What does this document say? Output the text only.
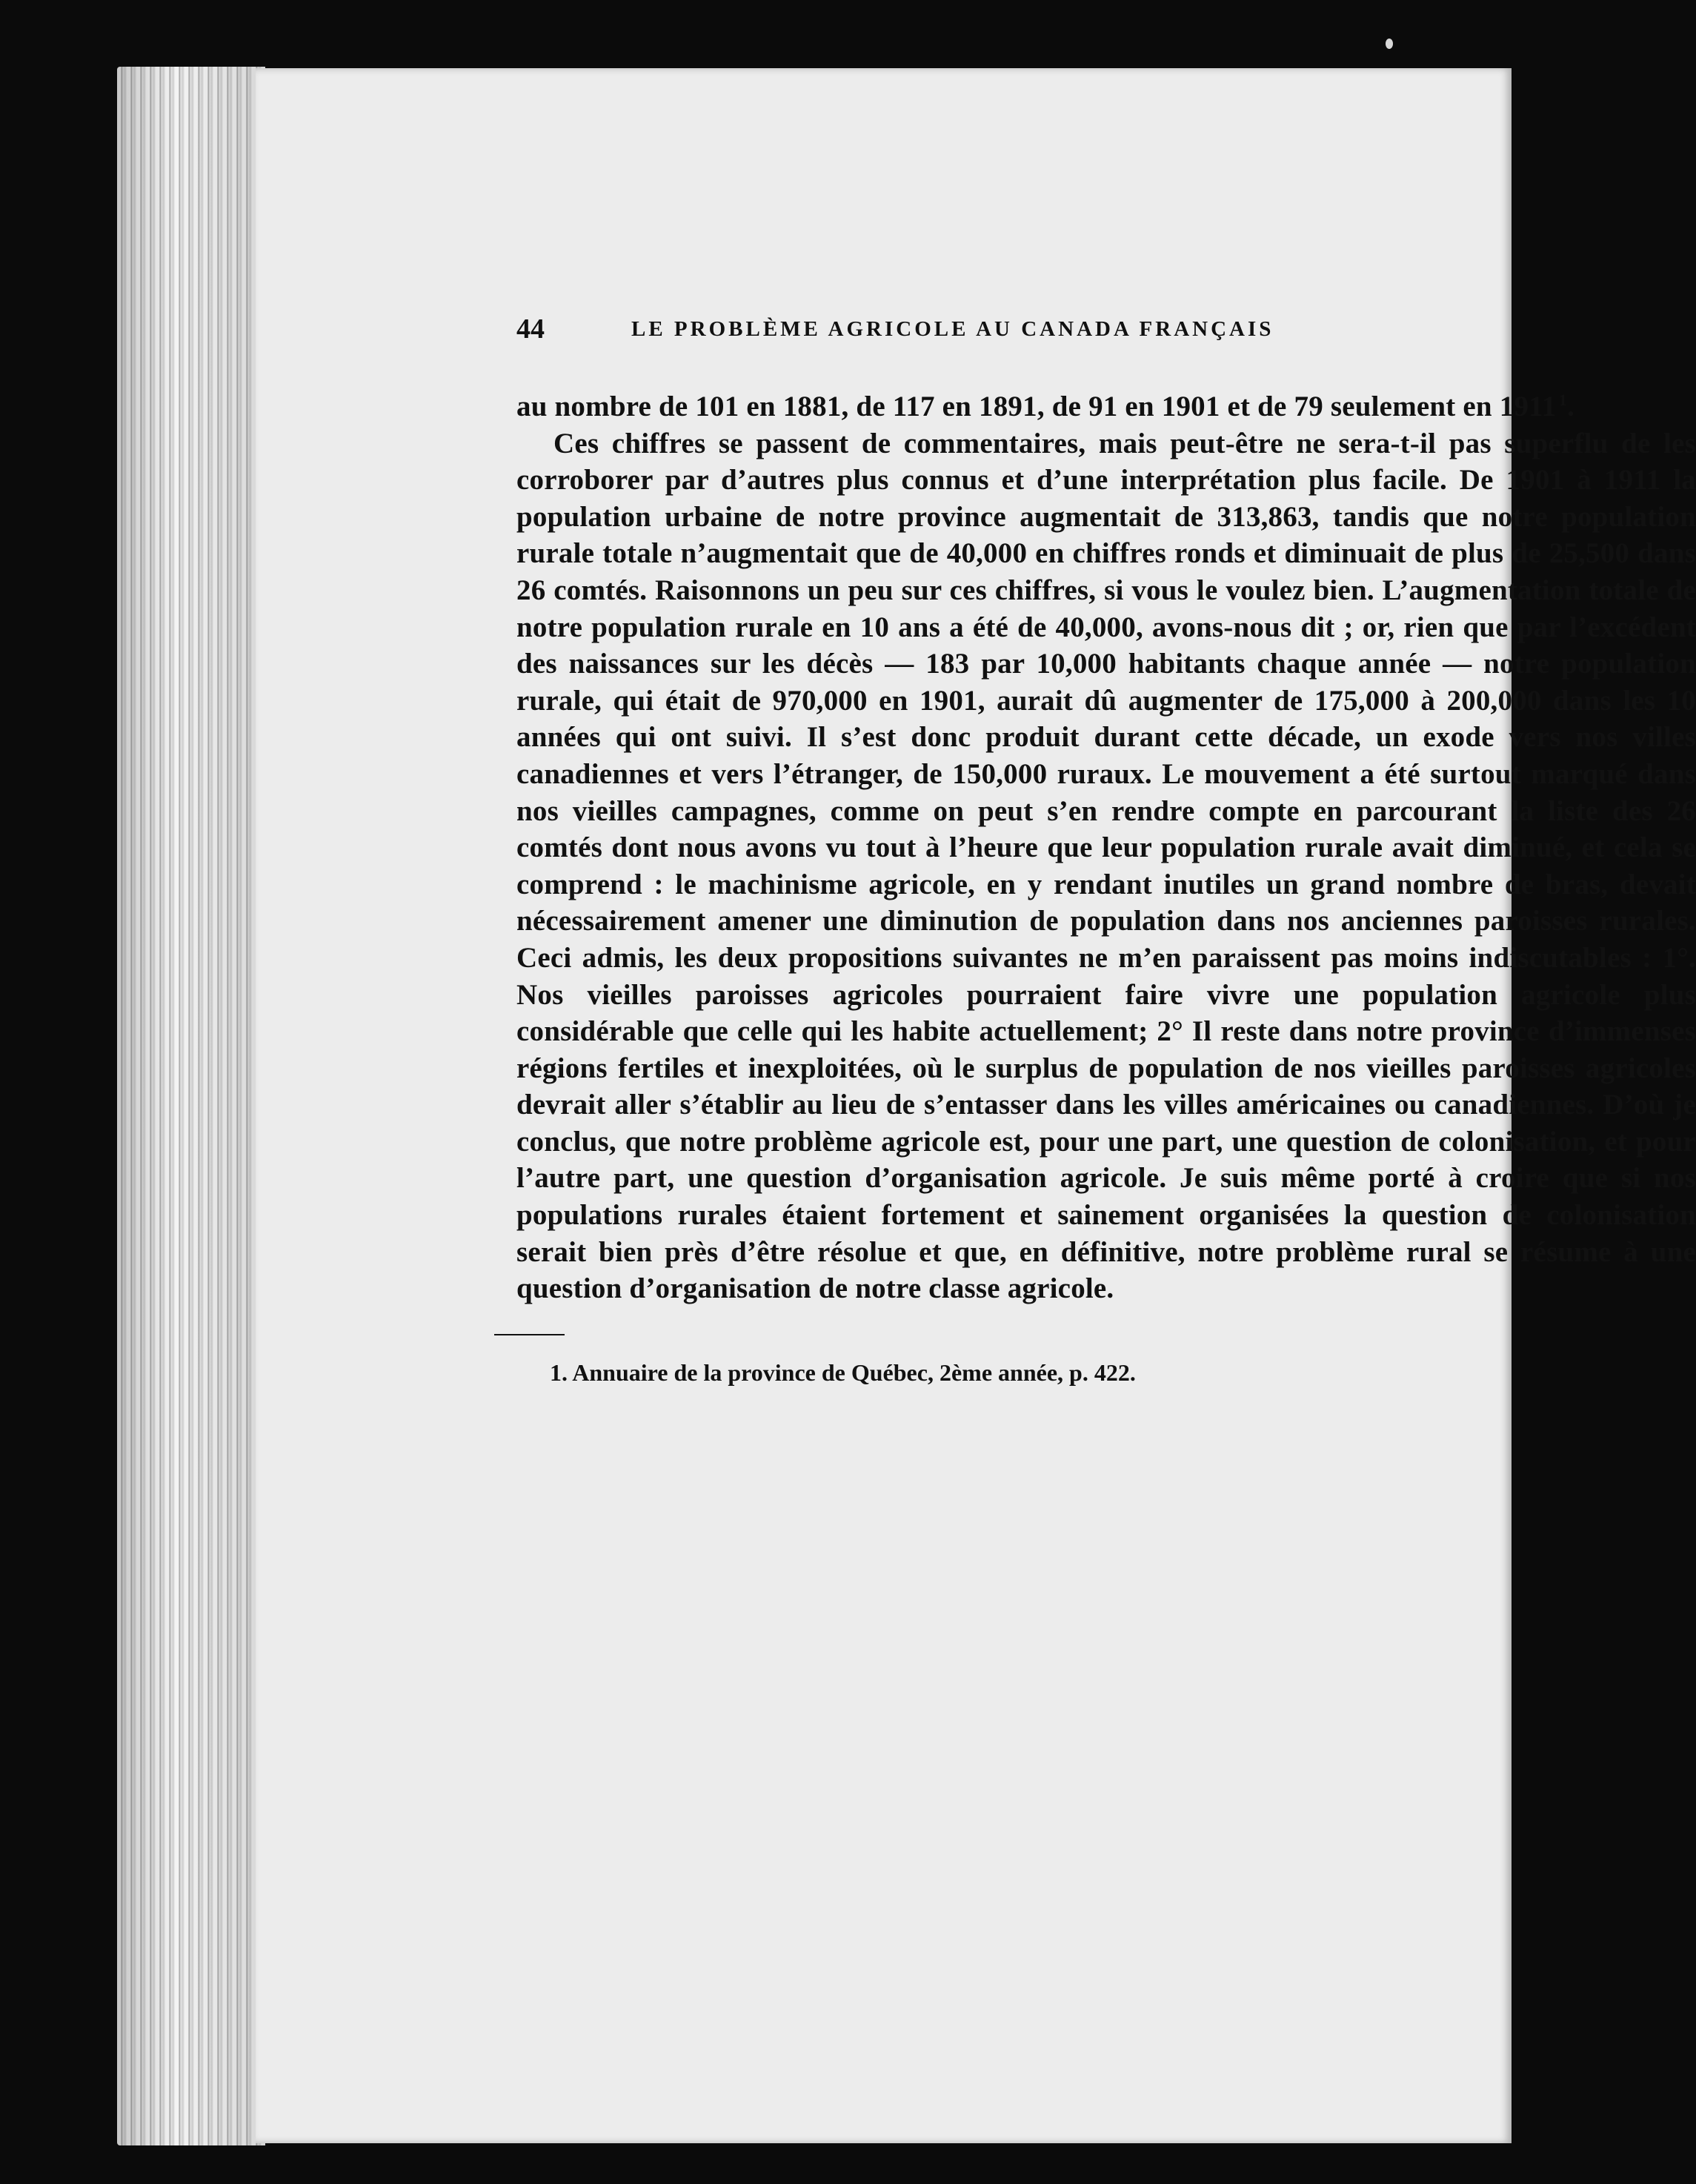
44	LE PROBLÈME AGRICOLE AU CANADA FRANÇAIS

au nombre de 101 en 1881, de 117 en 1891, de 91 en 1901 et de 79 seulement en 1911  $^1$.

Ces chiffres se passent de commentaires, mais peut-être ne sera-t-il pas superflu de les corroborer par d’autres plus connus et d’une interprétation plus facile. De 1901 à 1911 la population urbaine de notre province augmentait de 313,863, tandis que notre population rurale totale n’augmentait que de 40,000 en chiffres ronds et diminuait de plus de 25,500 dans 26 comtés. Raisonnons un peu sur ces chiffres, si vous le voulez bien. L’augmentation totale de notre population rurale en 10 ans a été de 40,000, avons-nous dit ; or, rien que par l’excédent des naissances sur les décès — 183 par 10,000 habitants chaque année — notre population rurale, qui était de 970,000 en 1901, aurait dû augmenter de 175,000 à 200,000 dans les 10 années qui ont suivi. Il s’est donc produit durant cette décade, un exode vers nos villes canadiennes et vers l’étranger, de 150,000 ruraux. Le mouvement a été surtout marqué dans nos vieilles campagnes, comme on peut s’en rendre compte en parcourant la liste des 26 comtés dont nous avons vu tout à l’heure que leur population rurale avait diminué, et cela se comprend : le machinisme agricole, en y rendant inutiles un grand nombre de bras, devait nécessairement amener une diminution de population dans nos anciennes paroisses rurales. Ceci admis, les deux propositions suivantes ne m’en paraissent pas moins indiscutables : 1°. Nos vieilles paroisses agricoles pourraient faire vivre une population agricole plus considérable que celle qui les habite actuellement; 2° Il reste dans notre province d’immenses régions fertiles et inexploitées, où le surplus de population de nos vieilles paroisses agricoles devrait aller s’établir au lieu de s’entasser dans les villes américaines ou canadiennes. D’où je conclus, que notre problème agricole est, pour une part, une question de colonisation, et pour l’autre part, une question d’organisation agricole. Je suis même porté à croire que si nos populations rurales étaient fortement et sainement organisées la question de colonisation serait bien près d’être résolue et que, en définitive, notre problème rural se résume à une question d’organisation de notre classe agricole.

1. Annuaire de la province de Québec, 2ème année, p. 422.
